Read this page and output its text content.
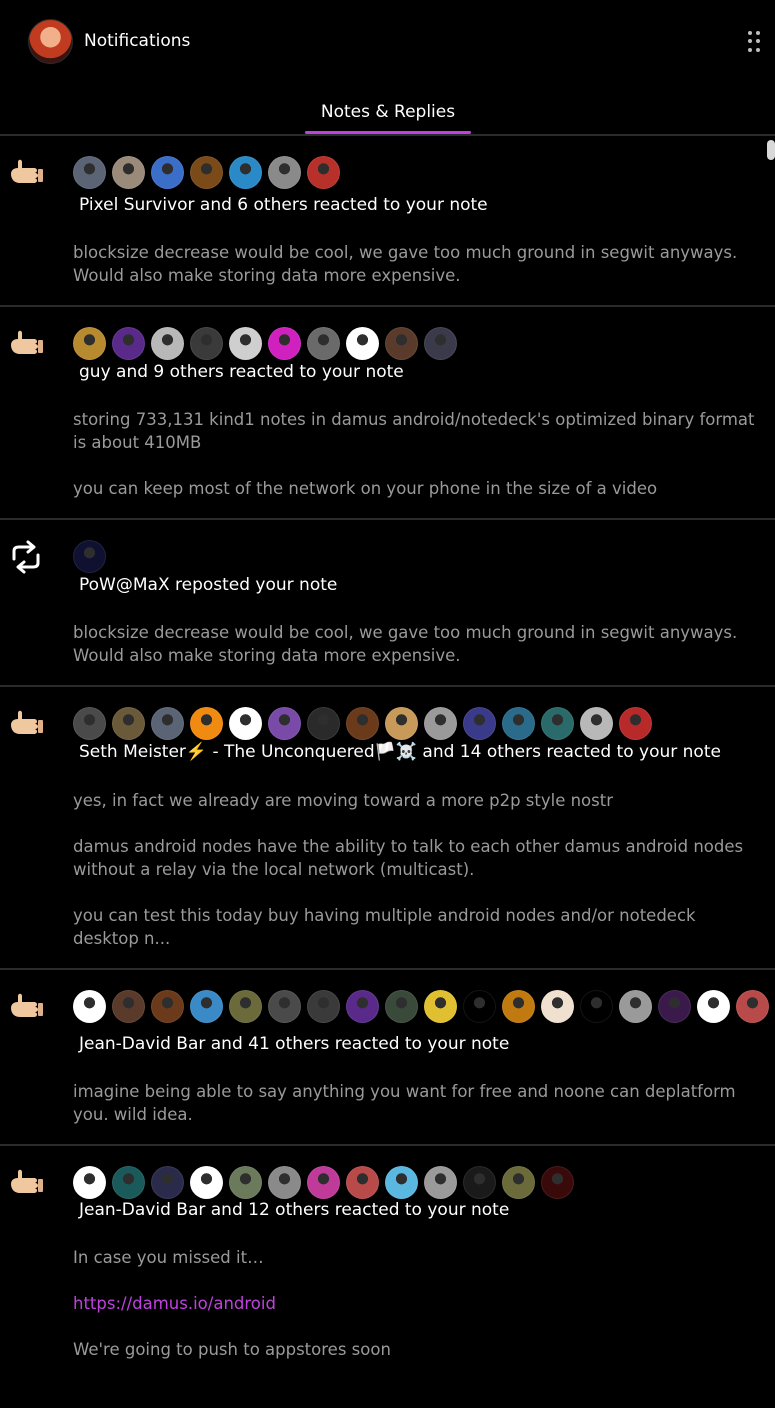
Notifications
Notes & Replies
Pixel Survivor and 6 others reacted to your note

blocksize decrease would be cool, we gave too much ground in segwit anyways. Would also make storing data more expensive.

guy and 9 others reacted to your note

storing 733,131 kind1 notes in damus android/notedeck's optimized binary format is about 410MB

you can keep most of the network on your phone in the size of a video

PoW@MaX reposted your note

blocksize decrease would be cool, we gave too much ground in segwit anyways. Would also make storing data more expensive.

Seth Meister⚡️ - The Unconquered🏳️☠️ and 14 others reacted to your note

yes, in fact we already are moving toward a more p2p style nostr

damus android nodes have the ability to talk to each other damus android nodes without a relay via the local network (multicast).

you can test this today buy having multiple android nodes and/or notedeck desktop n...

Jean-David Bar and 41 others reacted to your note

imagine being able to say anything you want for free and noone can deplatform you. wild idea.

Jean-David Bar and 12 others reacted to your note

In case you missed it…

https://damus.io/android

We're going to push to appstores soon
